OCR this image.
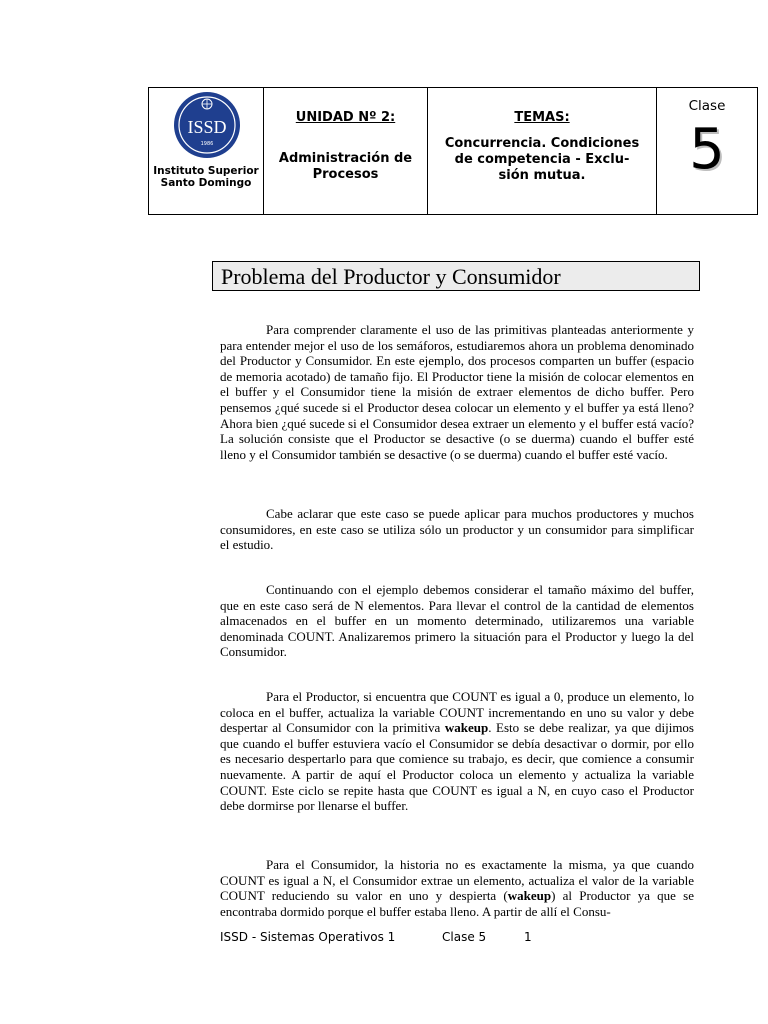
ISSD
1986
Instituto Superior
Santo Domingo

UNIDAD Nº 2:
Administración de
Procesos

TEMAS:
Concurrencia. Condiciones
de competencia - Exclu-
sión mutua.

Clase
5
Problema del Productor y Consumidor

Para comprender claramente el uso de las primitivas planteadas anteriormente y para entender mejor el uso de los semáforos, estudiaremos ahora un problema denominado del Productor y Consumidor. En este ejemplo, dos procesos comparten un buffer (espacio de memoria acotado) de tamaño fijo. El Productor tiene la misión de colocar elementos en el buffer y el Consumidor tiene la misión de extraer elementos de dicho buffer. Pero pensemos ¿qué sucede si el Productor desea colocar un elemento y el buffer ya está lleno? Ahora bien ¿qué sucede si el Consumidor desea extraer un elemento y el buffer está vacío? La solución consiste que el Productor se desactive (o se duerma) cuando el buffer esté lleno y el Consumidor también se desactive (o se duerma) cuando el buffer esté vacío.

Cabe aclarar que este caso se puede aplicar para muchos productores y muchos consumidores, en este caso se utiliza sólo un productor y un consumidor para simplificar el estudio.

Continuando con el ejemplo debemos considerar el tamaño máximo del buffer, que en este caso será de N elementos. Para llevar el control de la cantidad de elementos almacenados en el buffer en un momento determinado, utilizaremos una variable denominada COUNT. Analizaremos primero la situación para el Productor y luego la del Consumidor.

Para el Productor, si encuentra que COUNT es igual a 0, produce un elemento, lo coloca en el buffer, actualiza la variable COUNT incrementando en uno su valor y debe despertar al Consumidor con la primitiva wakeup. Esto se debe realizar, ya que dijimos que cuando el buffer estuviera vacío el Consumidor se debía desactivar o dormir, por ello es necesario despertarlo para que comience su trabajo, es decir, que comience a consumir nuevamente. A partir de aquí el Productor coloca un elemento y actualiza la variable COUNT. Este ciclo se repite hasta que COUNT es igual a N, en cuyo caso el Productor debe dormirse por llenarse el buffer.

Para el Consumidor, la historia no es exactamente la misma, ya que cuando COUNT es igual a N, el Consumidor extrae un elemento, actualiza el valor de la variable COUNT reduciendo su valor en uno y despierta (wakeup) al Productor ya que se encontraba dormido porque el buffer estaba lleno. A partir de allí el Consu-

ISSD - Sistemas Operativos 1	Clase 5	1
